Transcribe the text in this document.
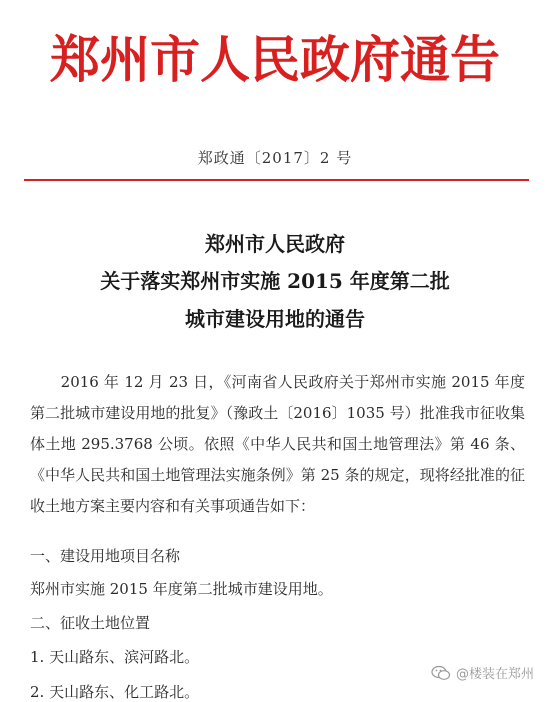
郑州市人民政府通告
郑政通〔2017〕2 号
郑州市人民政府
关于落实郑州市实施 2015 年度第二批
城市建设用地的通告

　　2016 年 12 月 23 日，《河南省人民政府关于郑州市实施 2015 年度第二批城市建设用地的批复》（豫政土〔2016〕1035 号）批准我市征收集体土地 295.3768 公顷。依照《中华人民共和国土地管理法》第 46 条、《中华人民共和国土地管理法实施条例》第 25 条的规定，现将经批准的征收土地方案主要内容和有关事项通告如下：

一、建设用地项目名称
郑州市实施 2015 年度第二批城市建设用地。
二、征收土地位置
1. 天山路东、滨河路北。
2. 天山路东、化工路北。
@楼装在郑州
